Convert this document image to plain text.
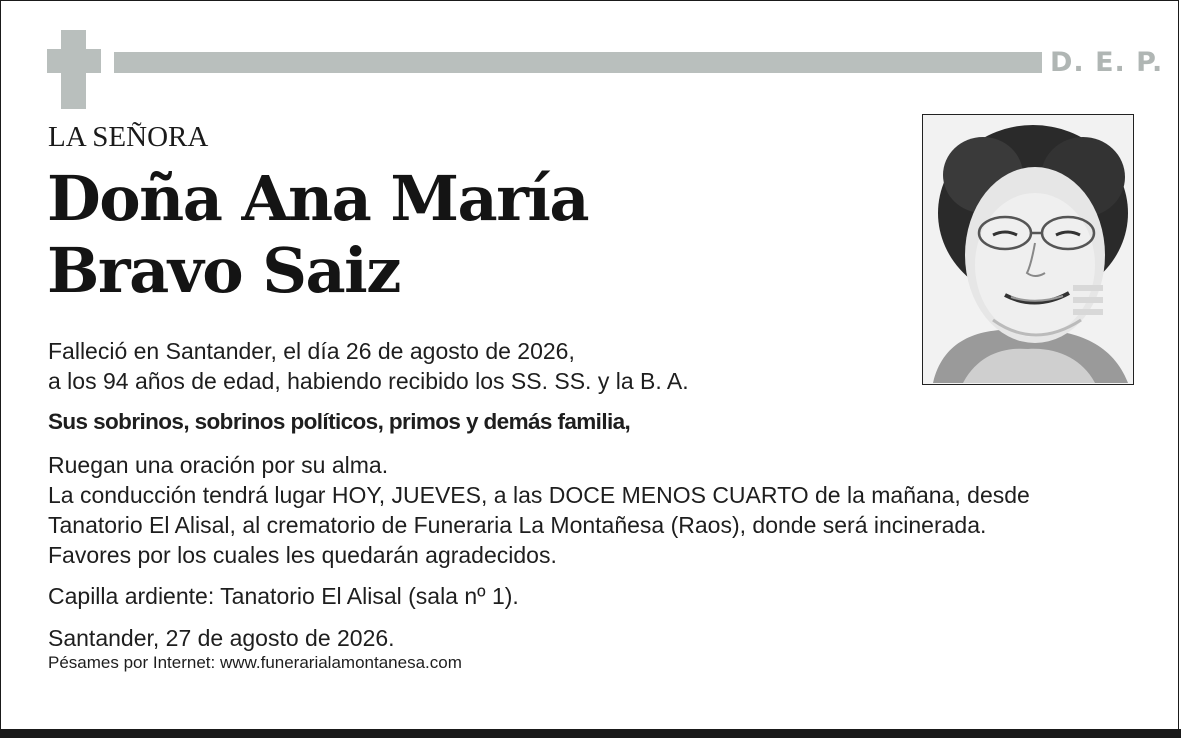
D. E. P.
LA SEÑORA
Doña Ana María
Bravo Saiz
Falleció en Santander, el día 26 de agosto de 2026,
a los 94 años de edad, habiendo recibido los SS. SS. y la B. A.
Sus sobrinos, sobrinos políticos, primos y demás familia,
Ruegan una oración por su alma.
La conducción tendrá lugar HOY, JUEVES, a las DOCE MENOS CUARTO de la mañana, desde
Tanatorio El Alisal, al crematorio de Funeraria La Montañesa (Raos), donde será incinerada.
Favores por los cuales les quedarán agradecidos.
Capilla ardiente: Tanatorio El Alisal (sala nº 1).
Santander, 27 de agosto de 2026.
Pésames por Internet: www.funerarialamontanesa.com
